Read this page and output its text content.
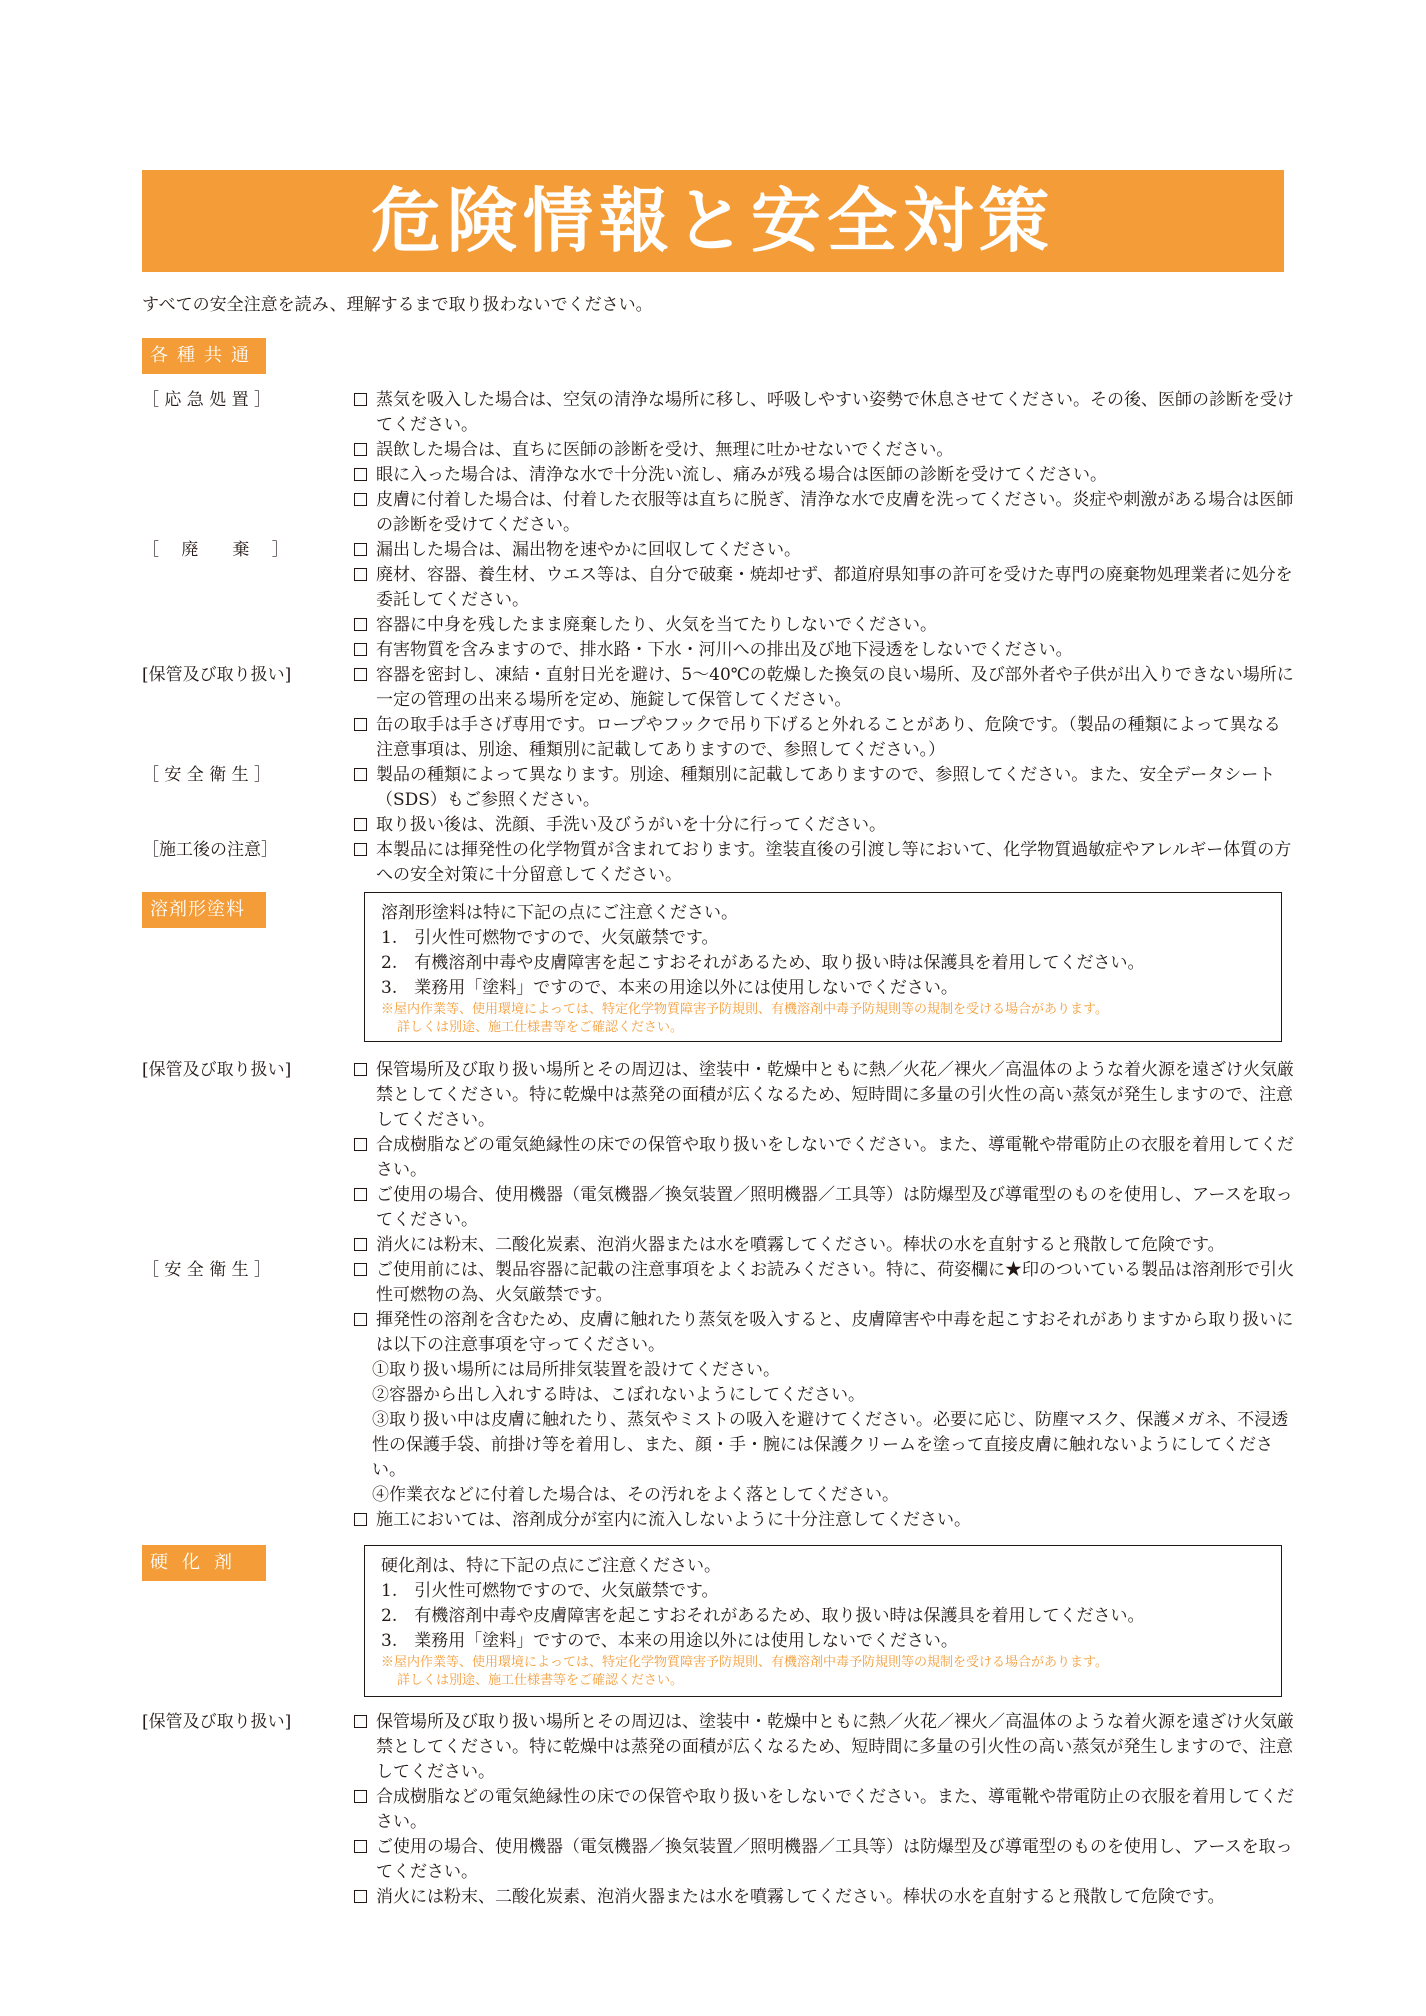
危険情報と安全対策
すべての安全注意を読み、理解するまで取り扱わないでください。
各種共通
溶剤形塗料
硬化剤
［ 応 急 処 置 ］	蒸気を吸入した場合は、空気の清浄な場所に移し、呼吸しやすい姿勢で休息させてください。その後、医師の診断を受けてください。
誤飲した場合は、直ちに医師の診断を受け、無理に吐かせないでください。
眼に入った場合は、清浄な水で十分洗い流し、痛みが残る場合は医師の診断を受けてください。
皮膚に付着した場合は、付着した衣服等は直ちに脱ぎ、清浄な水で皮膚を洗ってください。炎症や刺激がある場合は医師の診断を受けてください。
［　 廃　　棄 　］	漏出した場合は、漏出物を速やかに回収してください。
廃材、容器、養生材、ウエス等は、自分で破棄・焼却せず、都道府県知事の許可を受けた専門の廃棄物処理業者に処分を委託してください。
容器に中身を残したまま廃棄したり、火気を当てたりしないでください。
有害物質を含みますので、排水路・下水・河川への排出及び地下浸透をしないでください。
[保管及び取り扱い]	容器を密封し、凍結・直射日光を避け、5～40℃の乾燥した換気の良い場所、及び部外者や子供が出入りできない場所に一定の管理の出来る場所を定め、施錠して保管してください。
缶の取手は手さげ専用です。ロープやフックで吊り下げると外れることがあり、危険です。（製品の種類によって異なる注意事項は、別途、種類別に記載してありますので、参照してください。）
［ 安 全 衛 生 ］	製品の種類によって異なります。別途、種類別に記載してありますので、参照してください。また、安全データシート（SDS）もご参照ください。
取り扱い後は、洗顔、手洗い及びうがいを十分に行ってください。
［施工後の注意］	本製品には揮発性の化学物質が含まれております。塗装直後の引渡し等において、化学物質過敏症やアレルギー体質の方への安全対策に十分留意してください。
溶剤形塗料は特に下記の点にご注意ください。
1.　引火性可燃物ですので、火気厳禁です。
2.　有機溶剤中毒や皮膚障害を起こすおそれがあるため、取り扱い時は保護具を着用してください。
3.　業務用「塗料」ですので、本来の用途以外には使用しないでください。
※屋内作業等、使用環境によっては、特定化学物質障害予防規則、有機溶剤中毒予防規則等の規制を受ける場合があります。
詳しくは別途、施工仕様書等をご確認ください。
[保管及び取り扱い]	保管場所及び取り扱い場所とその周辺は、塗装中・乾燥中ともに熱／火花／裸火／高温体のような着火源を遠ざけ火気厳禁としてください。特に乾燥中は蒸発の面積が広くなるため、短時間に多量の引火性の高い蒸気が発生しますので、注意してください。
合成樹脂などの電気絶縁性の床での保管や取り扱いをしないでください。また、導電靴や帯電防止の衣服を着用してください。
ご使用の場合、使用機器（電気機器／換気装置／照明機器／工具等）は防爆型及び導電型のものを使用し、アースを取ってください。
消火には粉末、二酸化炭素、泡消火器または水を噴霧してください。棒状の水を直射すると飛散して危険です。
［ 安 全 衛 生 ］	ご使用前には、製品容器に記載の注意事項をよくお読みください。特に、荷姿欄に★印のついている製品は溶剤形で引火性可燃物の為、火気厳禁です。
揮発性の溶剤を含むため、皮膚に触れたり蒸気を吸入すると、皮膚障害や中毒を起こすおそれがありますから取り扱いには以下の注意事項を守ってください。
①取り扱い場所には局所排気装置を設けてください。
②容器から出し入れする時は、こぼれないようにしてください。
③取り扱い中は皮膚に触れたり、蒸気やミストの吸入を避けてください。必要に応じ、防塵マスク、保護メガネ、不浸透性の保護手袋、前掛け等を着用し、また、顔・手・腕には保護クリームを塗って直接皮膚に触れないようにしてください。
④作業衣などに付着した場合は、その汚れをよく落としてください。
施工においては、溶剤成分が室内に流入しないように十分注意してください。
硬化剤は、特に下記の点にご注意ください。
1.　引火性可燃物ですので、火気厳禁です。
2.　有機溶剤中毒や皮膚障害を起こすおそれがあるため、取り扱い時は保護具を着用してください。
3.　業務用「塗料」ですので、本来の用途以外には使用しないでください。
※屋内作業等、使用環境によっては、特定化学物質障害予防規則、有機溶剤中毒予防規則等の規制を受ける場合があります。
詳しくは別途、施工仕様書等をご確認ください。
[保管及び取り扱い]	保管場所及び取り扱い場所とその周辺は、塗装中・乾燥中ともに熱／火花／裸火／高温体のような着火源を遠ざけ火気厳禁としてください。特に乾燥中は蒸発の面積が広くなるため、短時間に多量の引火性の高い蒸気が発生しますので、注意してください。
合成樹脂などの電気絶縁性の床での保管や取り扱いをしないでください。また、導電靴や帯電防止の衣服を着用してください。
ご使用の場合、使用機器（電気機器／換気装置／照明機器／工具等）は防爆型及び導電型のものを使用し、アースを取ってください。
消火には粉末、二酸化炭素、泡消火器または水を噴霧してください。棒状の水を直射すると飛散して危険です。
